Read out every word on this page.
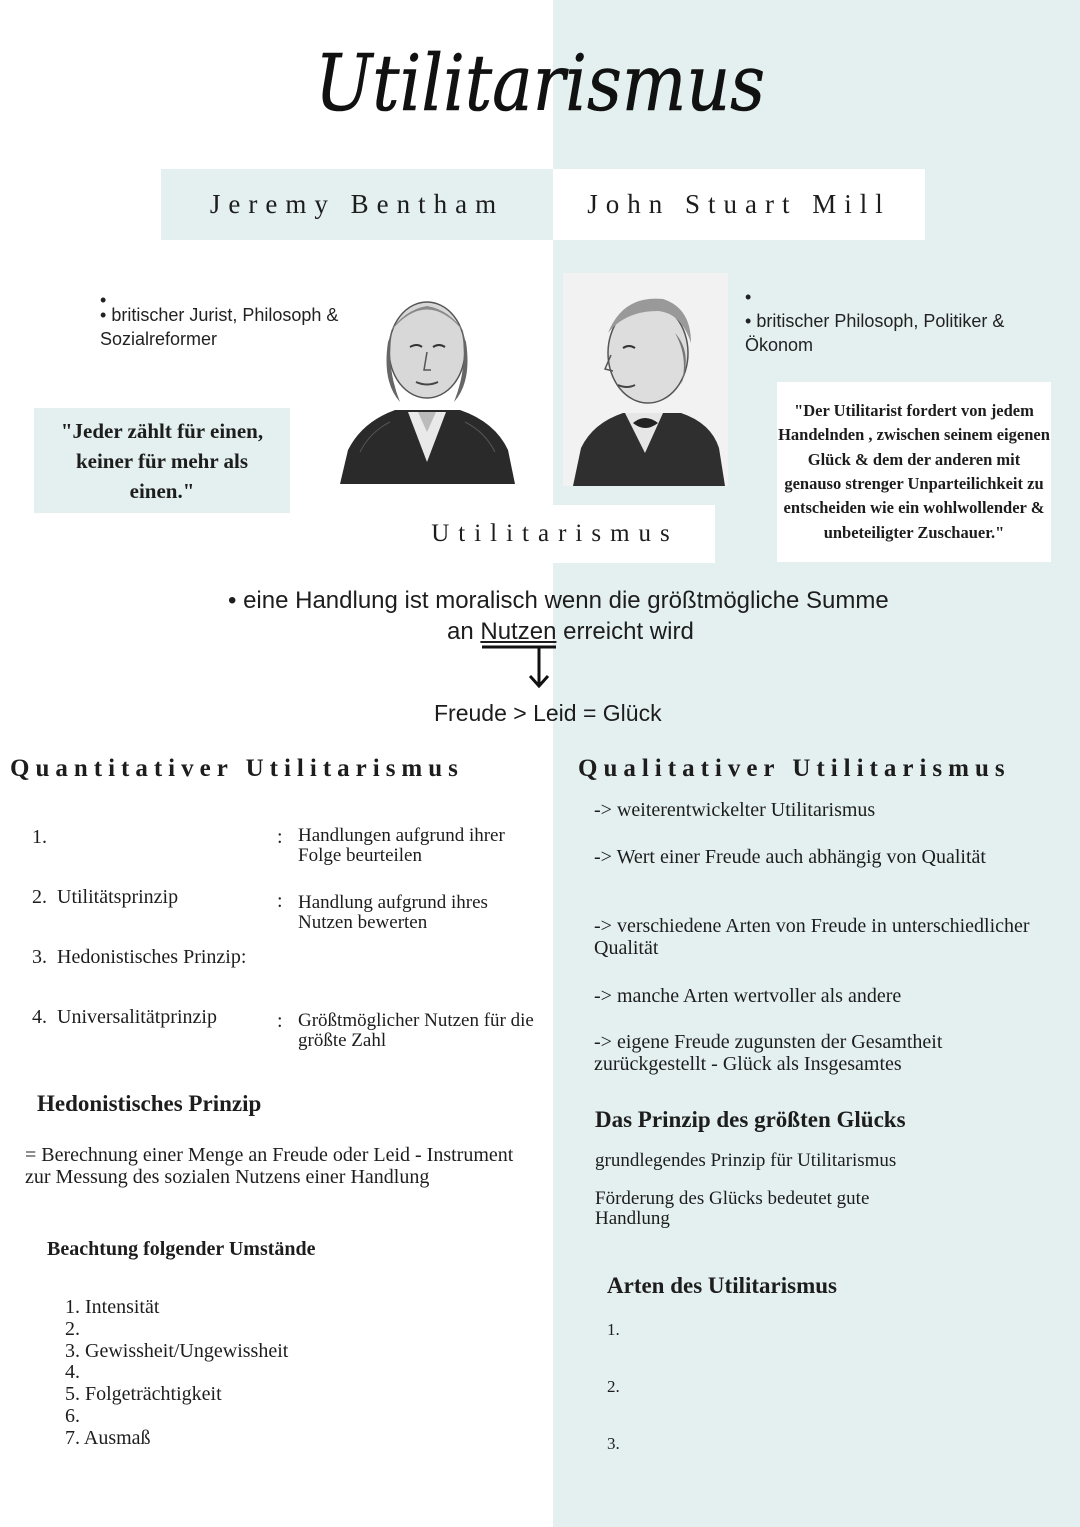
Utilitarismus
Jeremy Bentham	John Stuart Mill
•
• britischer Jurist, Philosoph & Sozialreformer
•
• britischer Philosoph, Politiker & Ökonom
"Jeder zählt für einen, keiner für mehr als einen."
"Der Utilitarist fordert von jedem Handelnden , zwischen seinem eigenen Glück & dem der anderen mit genauso strenger Unparteilichkeit zu entscheiden wie ein wohlwollender & unbeteiligter Zuschauer."
Utilitarismus
• eine Handlung ist moralisch wenn die größtmögliche Summe
an Nutzen erreicht wird
Freude > Leid = Glück
Quantitativer Utilitarismus	Qualitativer Utilitarismus
1.	: Handlungen aufgrund ihrer Folge beurteilen
2. Utilitätsprinzip	: Handlung aufgrund ihres Nutzen bewerten
3. Hedonistisches Prinzip:
4. Universalitätprinzip	: Größtmöglicher Nutzen für die größte Zahl
Hedonistisches Prinzip
= Berechnung einer Menge an Freude oder Leid - Instrument zur Messung des sozialen Nutzens einer Handlung
Beachtung folgender Umstände
1. Intensität
2.
3. Gewissheit/Ungewissheit
4.
5. Folgeträchtigkeit
6.
7. Ausmaß
-> weiterentwickelter Utilitarismus
-> Wert einer Freude auch abhängig von Qualität
-> verschiedene Arten von Freude in unterschiedlicher Qualität
-> manche Arten wertvoller als andere
-> eigene Freude zugunsten der Gesamtheit zurückgestellt - Glück als Insgesamtes
Das Prinzip des größten Glücks
grundlegendes Prinzip für Utilitarismus
Förderung des Glücks bedeutet gute Handlung
Arten des Utilitarismus
1.
2.
3.
